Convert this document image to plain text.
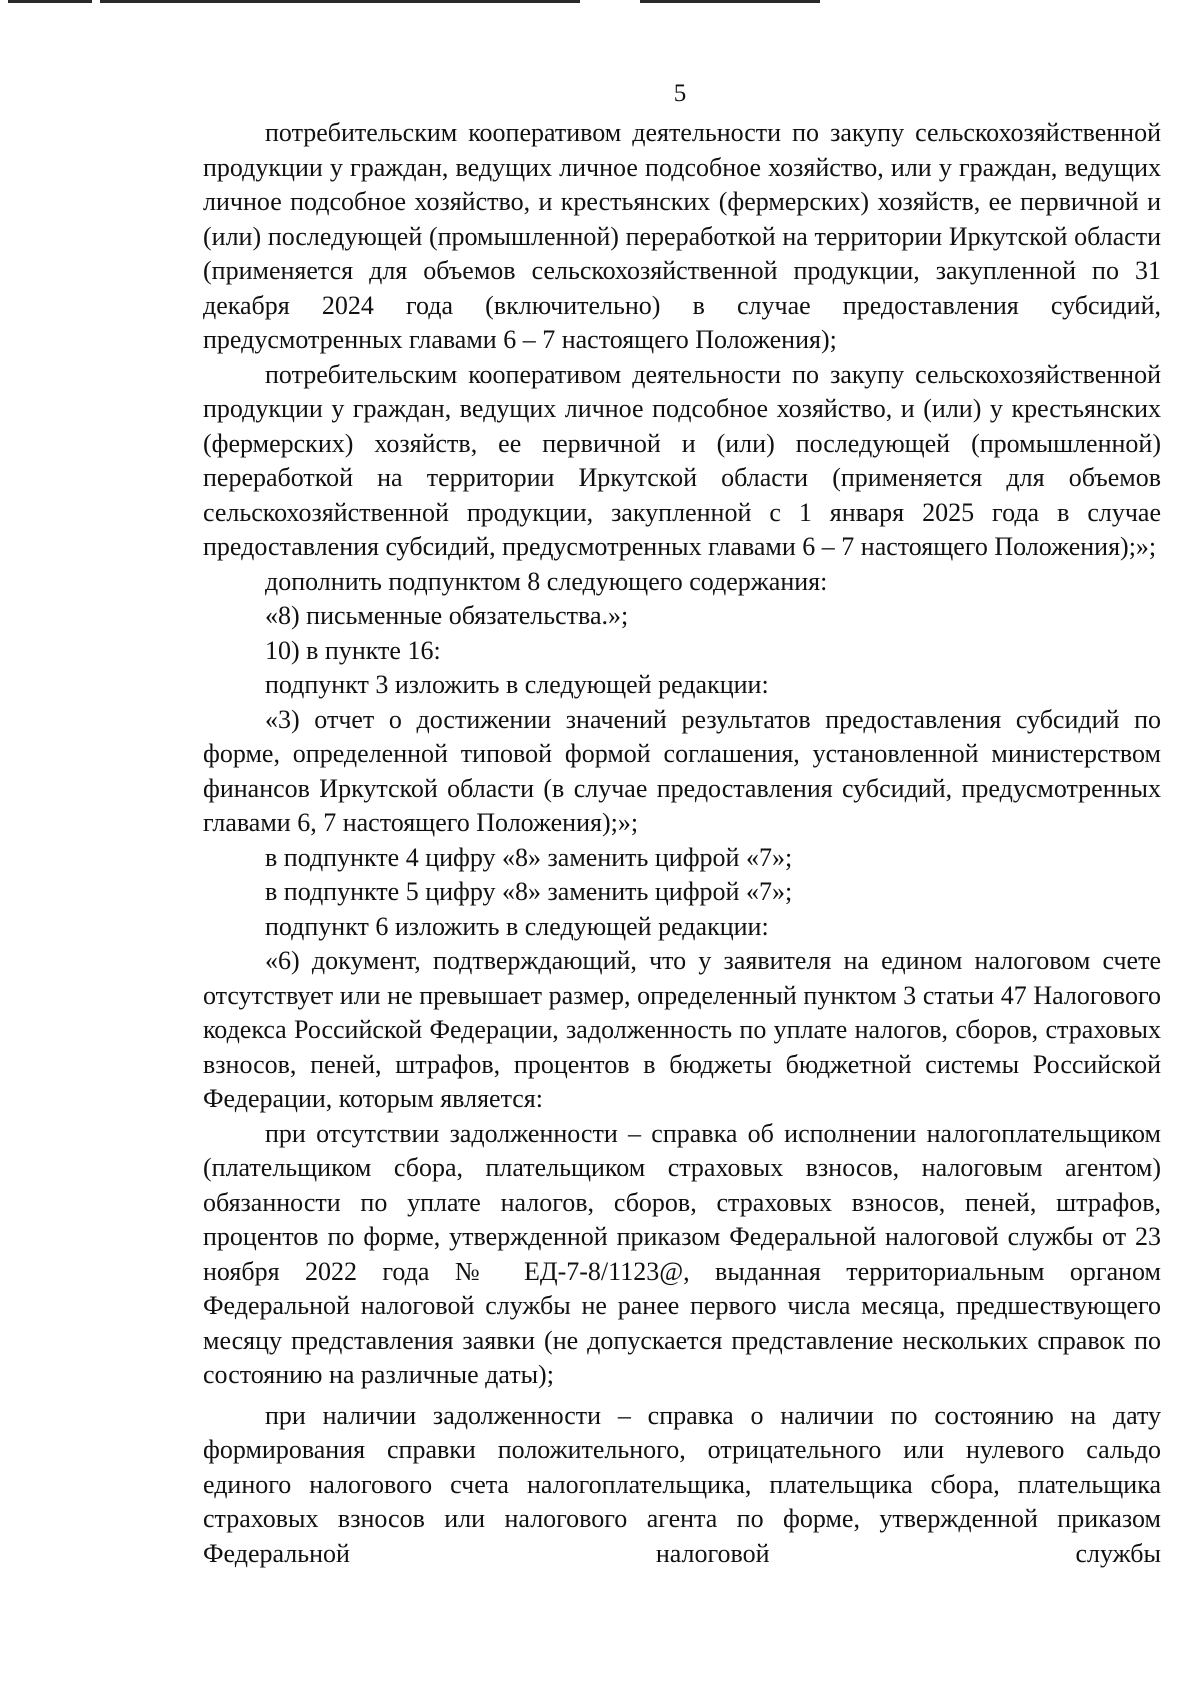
5

потребительским кооперативом деятельности по закупу сельскохозяйственной продукции у граждан, ведущих личное подсобное хозяйство, или у граждан, ведущих личное подсобное хозяйство, и крестьянских (фермерских) хозяйств, ее первичной и (или) последующей (промышленной) переработкой на территории Иркутской области (применяется для объемов сельскохозяйственной продукции, закупленной по 31 декабря 2024 года (включительно) в случае предоставления субсидий, предусмотренных главами 6 – 7 настоящего Положения);

потребительским кооперативом деятельности по закупу сельскохозяйственной продукции у граждан, ведущих личное подсобное хозяйство, и (или) у крестьянских (фермерских) хозяйств, ее первичной и (или) последующей (промышленной) переработкой на территории Иркутской области (применяется для объемов сельскохозяйственной продукции, закупленной с 1 января 2025 года в случае предоставления субсидий, предусмотренных главами 6 – 7 настоящего Положения);»;

дополнить подпунктом 8 следующего содержания:

«8) письменные обязательства.»;

10) в пункте 16:

подпункт 3 изложить в следующей редакции:

«3) отчет о достижении значений результатов предоставления субсидий по форме, определенной типовой формой соглашения, установленной министерством финансов Иркутской области (в случае предоставления субсидий, предусмотренных главами 6, 7 настоящего Положения);»;

в подпункте 4 цифру «8» заменить цифрой «7»;

в подпункте 5 цифру «8» заменить цифрой «7»;

подпункт 6 изложить в следующей редакции:

«6) документ, подтверждающий, что у заявителя на едином налоговом счете отсутствует или не превышает размер, определенный пунктом 3 статьи 47 Налогового кодекса Российской Федерации, задолженность по уплате налогов, сборов, страховых взносов, пеней, штрафов, процентов в бюджеты бюджетной системы Российской Федерации, которым является:

при отсутствии задолженности – справка об исполнении налогоплательщиком (плательщиком сбора, плательщиком страховых взносов, налоговым агентом) обязанности по уплате налогов, сборов, страховых взносов, пеней, штрафов, процентов по форме, утвержденной приказом Федеральной налоговой службы от 23 ноября 2022 года № ЕД-7-8/1123@, выданная территориальным органом Федеральной налоговой службы не ранее первого числа месяца, предшествующего месяцу представления заявки (не допускается представление нескольких справок по состоянию на различные даты);

при наличии задолженности – справка о наличии по состоянию на дату формирования справки положительного, отрицательного или нулевого сальдо единого налогового счета налогоплательщика, плательщика сбора, плательщика страховых взносов или налогового агента по форме, утвержденной приказом Федеральной налоговой службы
